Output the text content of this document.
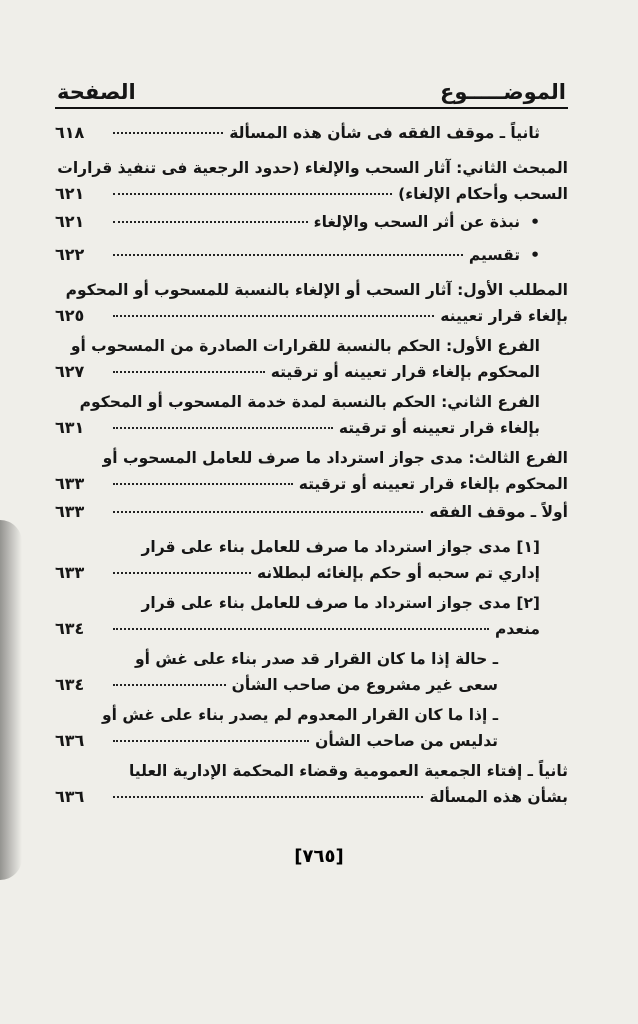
الموضـــــوع
الصفحة
ثانياً ـ موقف الفقه فى شأن هذه المسألة
٦١٨
المبحث الثاني: آثار السحب والإلغاء (حدود الرجعية فى تنفيذ قرارات
السحب وأحكام الإلغاء)
٦٢١
• نبذة عن أثر السحب والإلغاء
٦٢١
• تقسيم
٦٢٢
المطلب الأول: آثار السحب أو الإلغاء بالنسبة للمسحوب أو المحكوم
بإلغاء قرار تعيينه
٦٢٥
الفرع الأول: الحكم بالنسبة للقرارات الصادرة من المسحوب أو
المحكوم بإلغاء قرار تعيينه أو ترقيته
٦٢٧
الفرع الثاني: الحكم بالنسبة لمدة خدمة المسحوب أو المحكوم
بإلغاء قرار تعيينه أو ترقيته
٦٣١
الفرع الثالث: مدى جواز استرداد ما صرف للعامل المسحوب أو
المحكوم بإلغاء قرار تعيينه أو ترقيته
٦٣٣
أولاً ـ موقف الفقه
٦٣٣
[١] مدى جواز استرداد ما صرف للعامل بناء على قرار
إداري تم سحبه أو حكم بإلغائه لبطلانه
٦٣٣
[٢] مدى جواز استرداد ما صرف للعامل بناء على قرار
منعدم
٦٣٤
ـ حالة إذا ما كان القرار قد صدر بناء على غش أو
سعى غير مشروع من صاحب الشأن
٦٣٤
ـ إذا ما كان القرار المعدوم لم يصدر بناء على غش أو
تدليس من صاحب الشأن
٦٣٦
ثانياً ـ إفتاء الجمعية العمومية وقضاء المحكمة الإدارية العليا
بشأن هذه المسألة
٦٣٦
[٧٦٥]
